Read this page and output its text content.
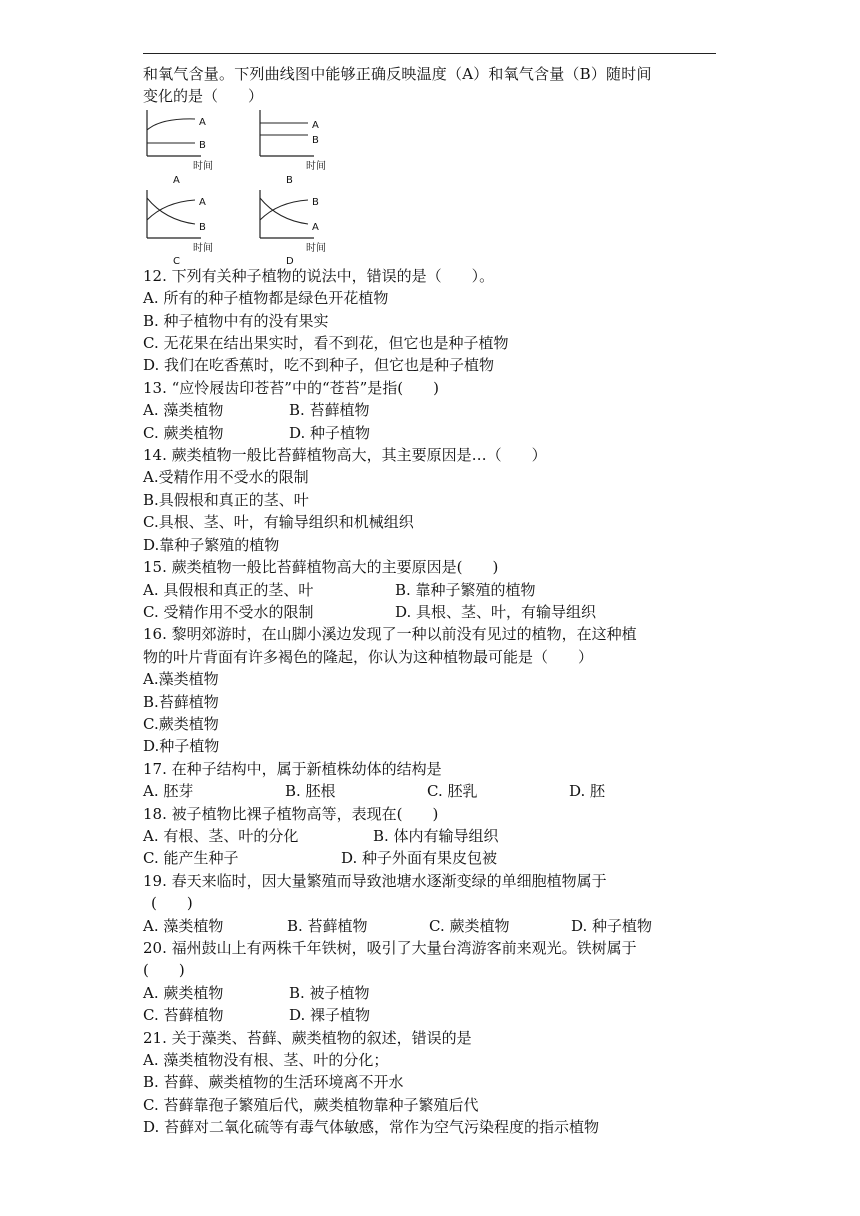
和氧气含量。下列曲线图中能够正确反映温度（A）和氧气含量（B）随时间
变化的是（　　）
A
B
时间
A
A
B
时间
B
A
B
时间
C
B
A
时间
D
12. 下列有关种子植物的说法中，错误的是（　　）。
A. 所有的种子植物都是绿色开花植物
B. 种子植物中有的没有果实
C. 无花果在结出果实时，看不到花，但它也是种子植物
D. 我们在吃香蕉时，吃不到种子，但它也是种子植物
13. “应怜屐齿印苍苔”中的“苍苔”是指(　　)
A. 藻类植物	B. 苔藓植物
C. 蕨类植物	D. 种子植物
14. 蕨类植物一般比苔藓植物高大，其主要原因是…（　　）
A.受精作用不受水的限制
B.具假根和真正的茎、叶
C.具根、茎、叶，有输导组织和机械组织
D.靠种子繁殖的植物
15. 蕨类植物一般比苔藓植物高大的主要原因是(　　)
A. 具假根和真正的茎、叶	B. 靠种子繁殖的植物
C. 受精作用不受水的限制	D. 具根、茎、叶，有输导组织
16. 黎明郊游时，在山脚小溪边发现了一种以前没有见过的植物，在这种植
物的叶片背面有许多褐色的隆起，你认为这种植物最可能是（　　）
A.藻类植物
B.苔藓植物
C.蕨类植物
D.种子植物
17. 在种子结构中，属于新植株幼体的结构是
A. 胚芽	B. 胚根	C. 胚乳	D. 胚
18. 被子植物比裸子植物高等，表现在(　　)
A. 有根、茎、叶的分化	B. 体内有输导组织
C. 能产生种子	D. 种子外面有果皮包被
19. 春天来临时，因大量繁殖而导致池塘水逐渐变绿的单细胞植物属于
(　　)
A. 藻类植物	B. 苔藓植物	C. 蕨类植物	D. 种子植物
20. 福州鼓山上有两株千年铁树，吸引了大量台湾游客前来观光。铁树属于
(　　)
A. 蕨类植物	B. 被子植物
C. 苔藓植物	D. 裸子植物
21. 关于藻类、苔藓、蕨类植物的叙述，错误的是
A. 藻类植物没有根、茎、叶的分化；
B. 苔藓、蕨类植物的生活环境离不开水
C. 苔藓靠孢子繁殖后代，蕨类植物靠种子繁殖后代
D. 苔藓对二氧化硫等有毒气体敏感，常作为空气污染程度的指示植物
